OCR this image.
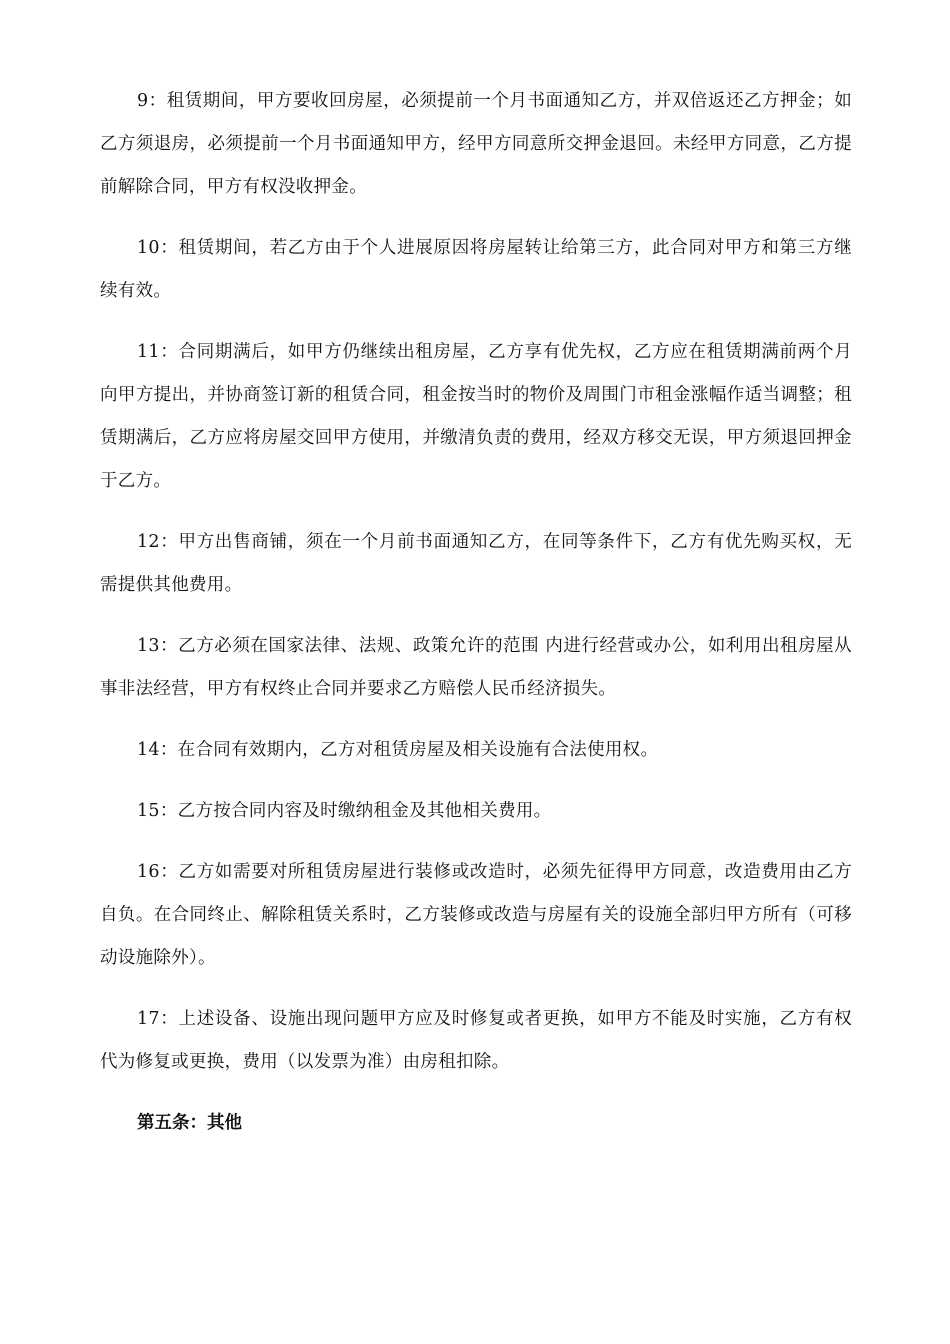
9：租赁期间，甲方要收回房屋，必须提前一个月书面通知乙方，并双倍返还乙方押金；如乙方须退房，必须提前一个月书面通知甲方，经甲方同意所交押金退回。未经甲方同意，乙方提前解除合同，甲方有权没收押金。

10：租赁期间，若乙方由于个人进展原因将房屋转让给第三方，此合同对甲方和第三方继续有效。

11：合同期满后，如甲方仍继续出租房屋，乙方享有优先权，乙方应在租赁期满前两个月向甲方提出，并协商签订新的租赁合同，租金按当时的物价及周围门市租金涨幅作适当调整；租赁期满后，乙方应将房屋交回甲方使用，并缴清负责的费用，经双方移交无误，甲方须退回押金于乙方。

12：甲方出售商铺，须在一个月前书面通知乙方，在同等条件下，乙方有优先购买权，无需提供其他费用。

13：乙方必须在国家法律、法规、政策允许的范围 内进行经营或办公，如利用出租房屋从事非法经营，甲方有权终止合同并要求乙方赔偿人民币经济损失。

14：在合同有效期内，乙方对租赁房屋及相关设施有合法使用权。

15：乙方按合同内容及时缴纳租金及其他相关费用。

16：乙方如需要对所租赁房屋进行装修或改造时，必须先征得甲方同意，改造费用由乙方自负。在合同终止、解除租赁关系时，乙方装修或改造与房屋有关的设施全部归甲方所有（可移动设施除外）。

17：上述设备、设施出现问题甲方应及时修复或者更换，如甲方不能及时实施，乙方有权代为修复或更换，费用（以发票为准）由房租扣除。

第五条：其他
